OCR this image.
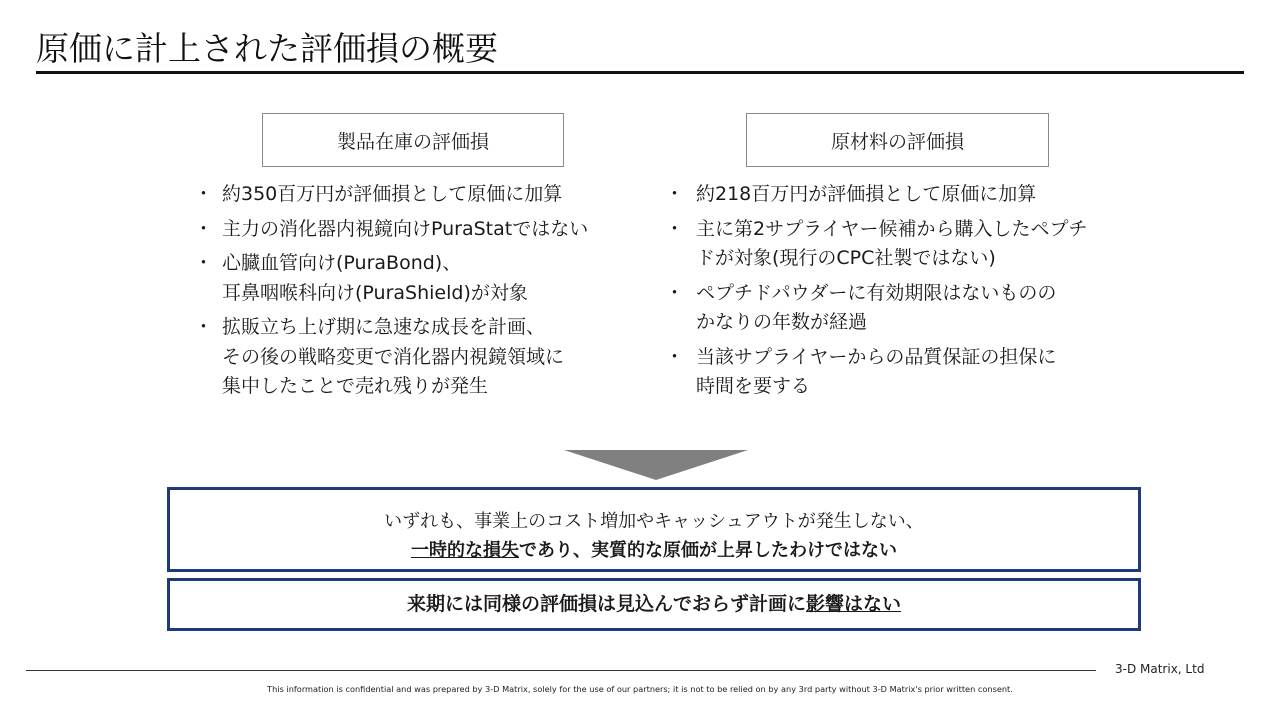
原価に計上された評価損の概要
製品在庫の評価損	原材料の評価損
・ 約350百万円が評価損として原価に加算
・ 主力の消化器内視鏡向けPuraStatではない
・ 心臓血管向け(PuraBond)、
耳鼻咽喉科向け(PuraShield)が対象
・ 拡販立ち上げ期に急速な成長を計画、
その後の戦略変更で消化器内視鏡領域に
集中したことで売れ残りが発生
・ 約218百万円が評価損として原価に加算
・ 主に第2サプライヤー候補から購入したペプチ
ドが対象(現行のCPC社製ではない)
・ ペプチドパウダーに有効期限はないものの
かなりの年数が経過
・ 当該サプライヤーからの品質保証の担保に
時間を要する
いずれも、事業上のコスト増加やキャッシュアウトが発生しない、
一時的な損失であり、実質的な原価が上昇したわけではない
来期には同様の評価損は見込んでおらず計画に影響はない
3-D Matrix, Ltd
This information is confidential and was prepared by 3-D Matrix, solely for the use of our partners; it is not to be relied on by any 3rd party without 3-D Matrix's prior written consent.
